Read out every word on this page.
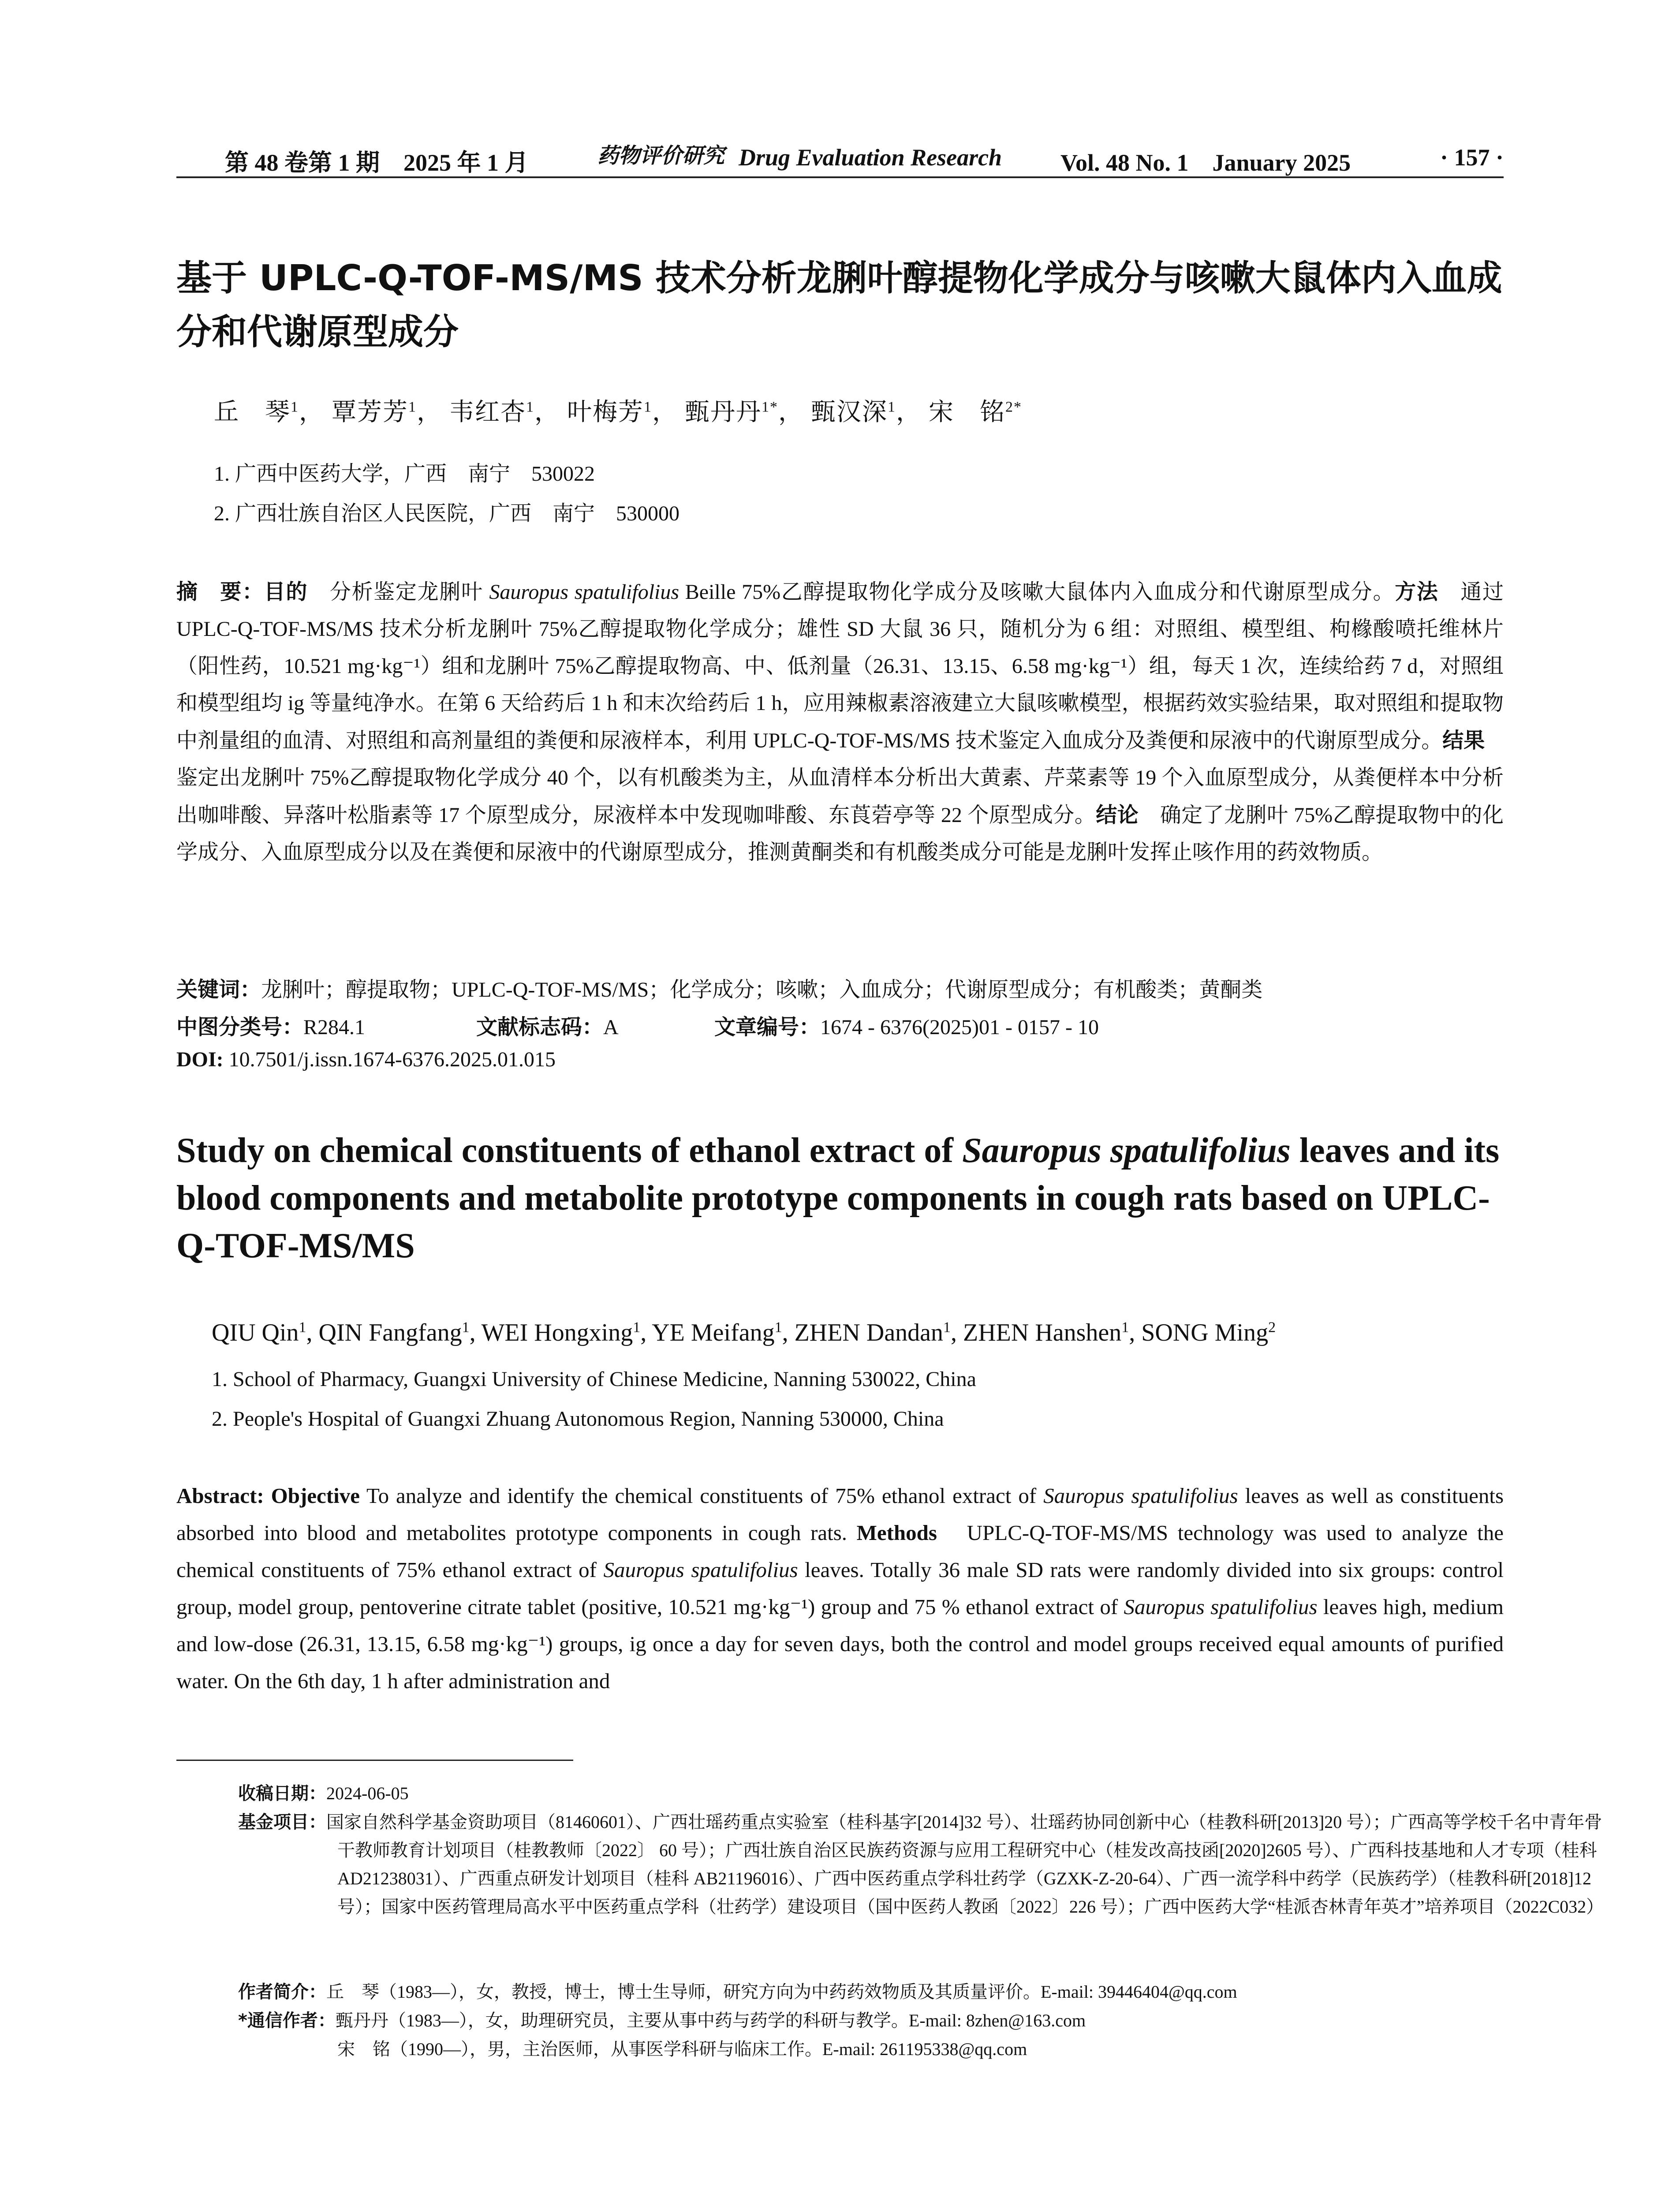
第 48 卷第 1 期　2025 年 1 月	药物评价研究 Drug Evaluation Research Vol. 48 No. 1　January 2025	· 157 ·
基于 UPLC-Q-TOF-MS/MS 技术分析龙脷叶醇提物化学成分与咳嗽大鼠体内入血成分和代谢原型成分
丘　琴$^1$， 覃芳芳$^1$， 韦红杏$^1$， 叶梅芳$^1$， 甄丹丹$^{1*}$， 甄汉深$^1$， 宋　铭$^{2*}$
1. 广西中医药大学，广西　南宁　530022
2. 广西壮族自治区人民医院，广西　南宁　530000
摘　要：目的　分析鉴定龙脷叶 Sauropus spatulifolius Beille 75%乙醇提取物化学成分及咳嗽大鼠体内入血成分和代谢原型成分。方法　通过 UPLC-Q-TOF-MS/MS 技术分析龙脷叶 75%乙醇提取物化学成分；雄性 SD 大鼠 36 只，随机分为 6 组：对照组、模型组、枸橼酸喷托维林片（阳性药，10.521 mg·kg⁻¹）组和龙脷叶 75%乙醇提取物高、中、低剂量（26.31、13.15、6.58 mg·kg⁻¹）组，每天 1 次，连续给药 7 d，对照组和模型组均 ig 等量纯净水。在第 6 天给药后 1 h 和末次给药后 1 h，应用辣椒素溶液建立大鼠咳嗽模型，根据药效实验结果，取对照组和提取物中剂量组的血清、对照组和高剂量组的粪便和尿液样本，利用 UPLC-Q-TOF-MS/MS 技术鉴定入血成分及粪便和尿液中的代谢原型成分。结果　鉴定出龙脷叶 75%乙醇提取物化学成分 40 个，以有机酸类为主，从血清样本分析出大黄素、芹菜素等 19 个入血原型成分，从粪便样本中分析出咖啡酸、异落叶松脂素等 17 个原型成分，尿液样本中发现咖啡酸、东莨菪亭等 22 个原型成分。结论　确定了龙脷叶 75%乙醇提取物中的化学成分、入血原型成分以及在粪便和尿液中的代谢原型成分，推测黄酮类和有机酸类成分可能是龙脷叶发挥止咳作用的药效物质。
关键词：龙脷叶；醇提取物；UPLC-Q-TOF-MS/MS；化学成分；咳嗽；入血成分；代谢原型成分；有机酸类；黄酮类
中图分类号：R284.1	文献标志码：A	文章编号：1674 - 6376(2025)01 - 0157 - 10
DOI: 10.7501/j.issn.1674-6376.2025.01.015
Study on chemical constituents of ethanol extract of Sauropus spatulifolius leaves and its blood components and metabolite prototype components in cough rats based on UPLC-Q-TOF-MS/MS
QIU Qin$^1$, QIN Fangfang$^1$, WEI Hongxing$^1$, YE Meifang$^1$, ZHEN Dandan$^1$, ZHEN Hanshen$^1$, SONG Ming$^2$
1. School of Pharmacy, Guangxi University of Chinese Medicine, Nanning 530022, China
2. People's Hospital of Guangxi Zhuang Autonomous Region, Nanning 530000, China
Abstract: Objective To analyze and identify the chemical constituents of 75% ethanol extract of Sauropus spatulifolius leaves as well as constituents absorbed into blood and metabolites prototype components in cough rats. Methods　UPLC-Q-TOF-MS/MS technology was used to analyze the chemical constituents of 75% ethanol extract of Sauropus spatulifolius leaves. Totally 36 male SD rats were randomly divided into six groups: control group, model group, pentoverine citrate tablet (positive, 10.521 mg·kg⁻¹) group and 75 % ethanol extract of Sauropus spatulifolius leaves high, medium and low-dose (26.31, 13.15, 6.58 mg·kg⁻¹) groups, ig once a day for seven days, both the control and model groups received equal amounts of purified water. On the 6th day, 1 h after administration and
收稿日期：2024-06-05
基金项目：国家自然科学基金资助项目（81460601）、广西壮瑶药重点实验室（桂科基字[2014]32 号）、壮瑶药协同创新中心（桂教科研[2013]20 号）；广西高等学校千名中青年骨干教师教育计划项目（桂教教师〔2022〕 60 号）；广西壮族自治区民族药资源与应用工程研究中心（桂发改高技函[2020]2605 号）、广西科技基地和人才专项（桂科 AD21238031）、广西重点研发计划项目（桂科 AB21196016）、广西中医药重点学科壮药学（GZXK-Z-20-64）、广西一流学科中药学（民族药学）（桂教科研[2018]12 号）；国家中医药管理局高水平中医药重点学科（壮药学）建设项目（国中医药人教函〔2022〕226 号）；广西中医药大学“桂派杏林青年英才”培养项目（2022C032）
作者简介：丘　琴（1983—），女，教授，博士，博士生导师，研究方向为中药药效物质及其质量评价。E-mail: 39446404@qq.com
*通信作者：甄丹丹（1983—），女，助理研究员，主要从事中药与药学的科研与教学。E-mail: 8zhen@163.com
宋　铭（1990—），男，主治医师，从事医学科研与临床工作。E-mail: 261195338@qq.com
